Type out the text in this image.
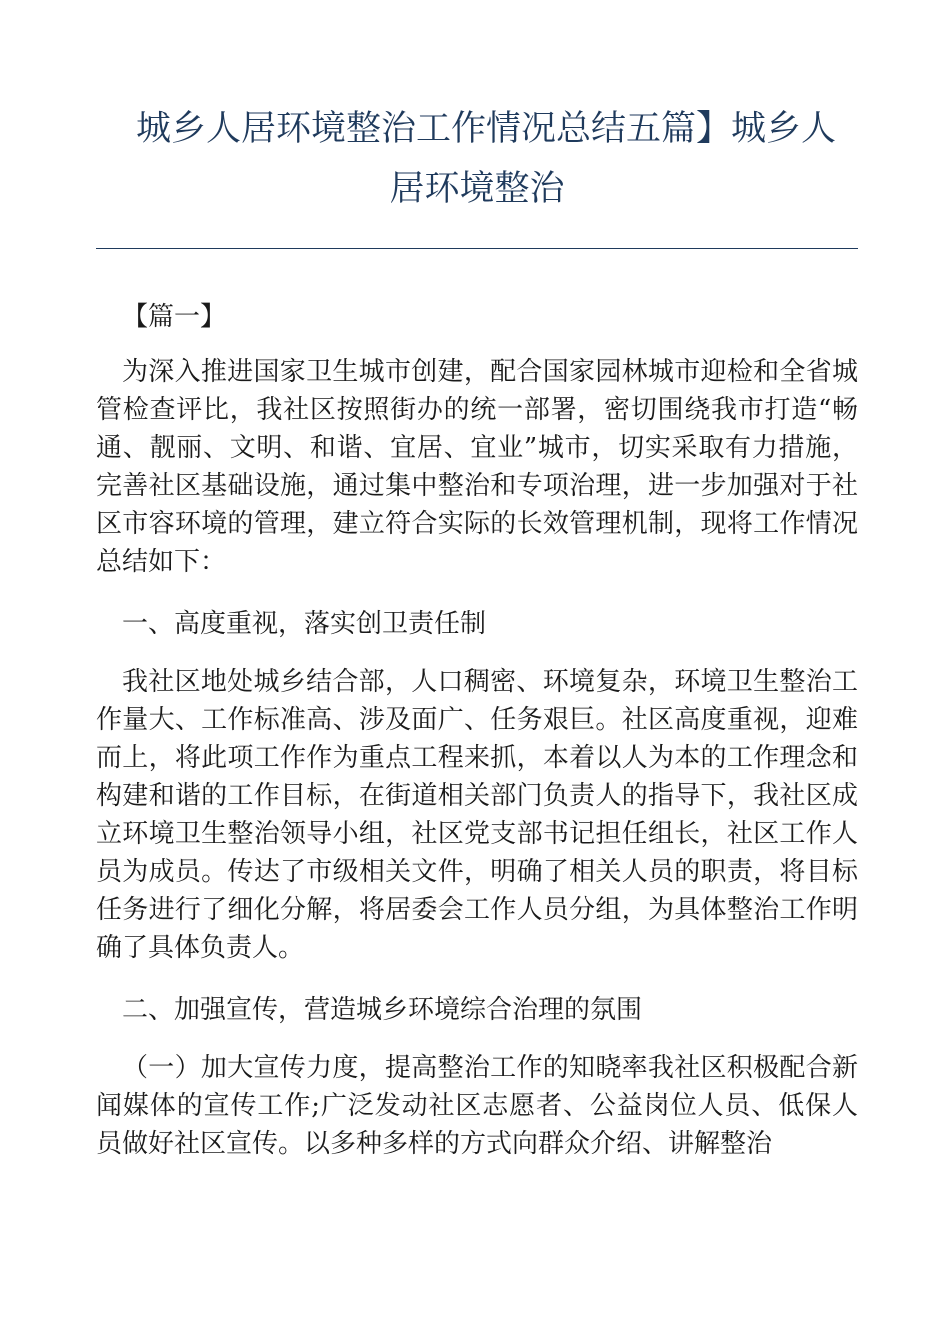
城乡人居环境整治工作情况总结五篇】城乡人
居环境整治

【篇一】

为深入推进国家卫生城市创建，配合国家园林城市迎检和全省城管检查评比，我社区按照街办的统一部署，密切围绕我市打造“畅通、靓丽、文明、和谐、宜居、宜业”城市，切实采取有力措施，完善社区基础设施，通过集中整治和专项治理，进一步加强对于社区市容环境的管理，建立符合实际的长效管理机制，现将工作情况总结如下：

一、高度重视，落实创卫责任制

我社区地处城乡结合部，人口稠密、环境复杂，环境卫生整治工作量大、工作标准高、涉及面广、任务艰巨。社区高度重视，迎难而上，将此项工作作为重点工程来抓，本着以人为本的工作理念和构建和谐的工作目标，在街道相关部门负责人的指导下，我社区成立环境卫生整治领导小组，社区党支部书记担任组长，社区工作人员为成员。传达了市级相关文件，明确了相关人员的职责，将目标任务进行了细化分解，将居委会工作人员分组，为具体整治工作明确了具体负责人。

二、加强宣传，营造城乡环境综合治理的氛围

（一）加大宣传力度，提高整治工作的知晓率我社区积极配合新闻媒体的宣传工作;广泛发动社区志愿者、公益岗位人员、低保人员做好社区宣传。以多种多样的方式向群众介绍、讲解整治
